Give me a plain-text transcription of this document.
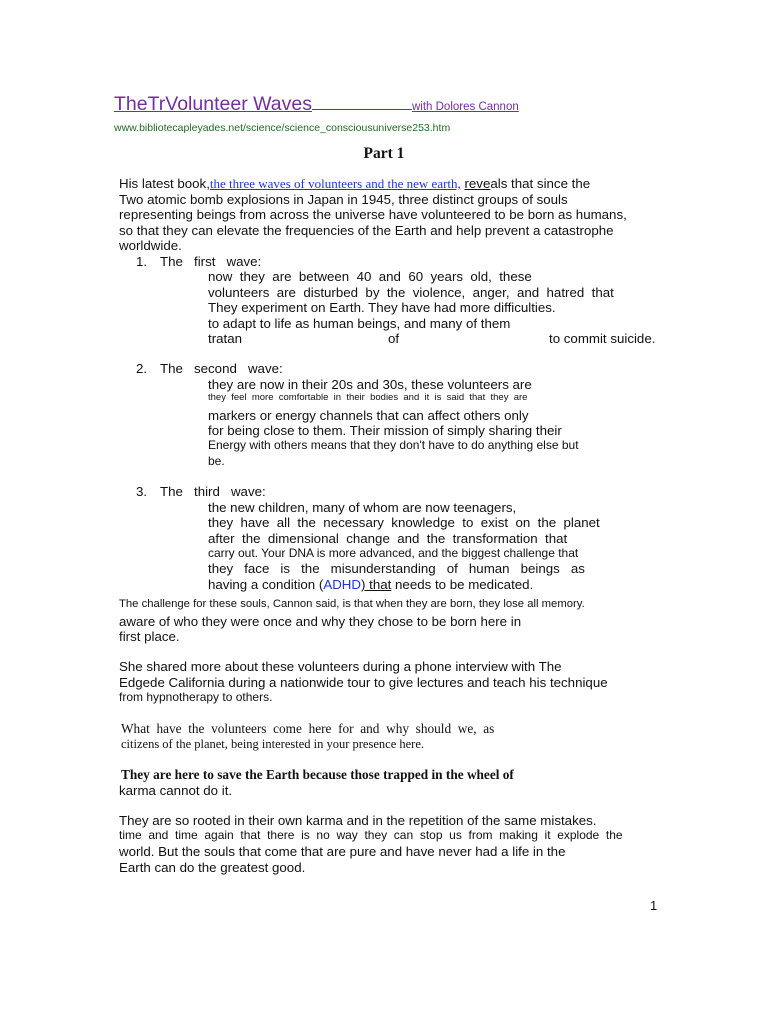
TheTrVolunteer Waves	with Dolores Cannon
www.bibliotecapleyades.net/science/science_consciousuniverse253.htm
Part 1
His latest book,the three waves of volunteers and the new earth, reveals that since the
Two atomic bomb explosions in Japan in 1945, three distinct groups of souls
representing beings from across the universe have volunteered to be born as humans,
so that they can elevate the frequencies of the Earth and help prevent a catastrophe
worldwide.
1. The   first   wave:
now  they  are  between  40  and  60  years  old,  these
volunteers  are  disturbed  by  the  violence,  anger,  and  hatred  that
They experiment on Earth. They have had more difficulties.
to adapt to life as human beings, and many of them
tratan	of	to commit suicide.
2. The   second   wave:
they are now in their 20s and 30s, these volunteers are
they  feel  more  comfortable  in  their  bodies  and  it  is  said  that  they  are
markers or energy channels that can affect others only
for being close to them. Their mission of simply sharing their
Energy with others means that they don't have to do anything else but
be.
3. The   third   wave:
the new children, many of whom are now teenagers,
they  have  all  the  necessary  knowledge  to  exist  on  the  planet
after  the  dimensional  change  and  the  transformation  that
carry out. Your DNA is more advanced, and the biggest challenge that
they   face   is   the   misunderstanding   of   human   beings   as
having a condition (ADHD) that needs to be medicated.
The challenge for these souls, Cannon said, is that when they are born, they lose all memory.
aware of who they were once and why they chose to be born here in
first place.
She shared more about these volunteers during a phone interview with The
Edgede California during a nationwide tour to give lectures and teach his technique
from hypnotherapy to others.
What  have  the  volunteers  come  here  for  and  why  should  we,  as
citizens of the planet, being interested in your presence here.
They are here to save the Earth because those trapped in the wheel of
karma cannot do it.
They are so rooted in their own karma and in the repetition of the same mistakes.
time  and  time  again  that  there  is  no  way  they  can  stop  us  from  making  it  explode  the
world. But the souls that come that are pure and have never had a life in the
Earth can do the greatest good.
1
